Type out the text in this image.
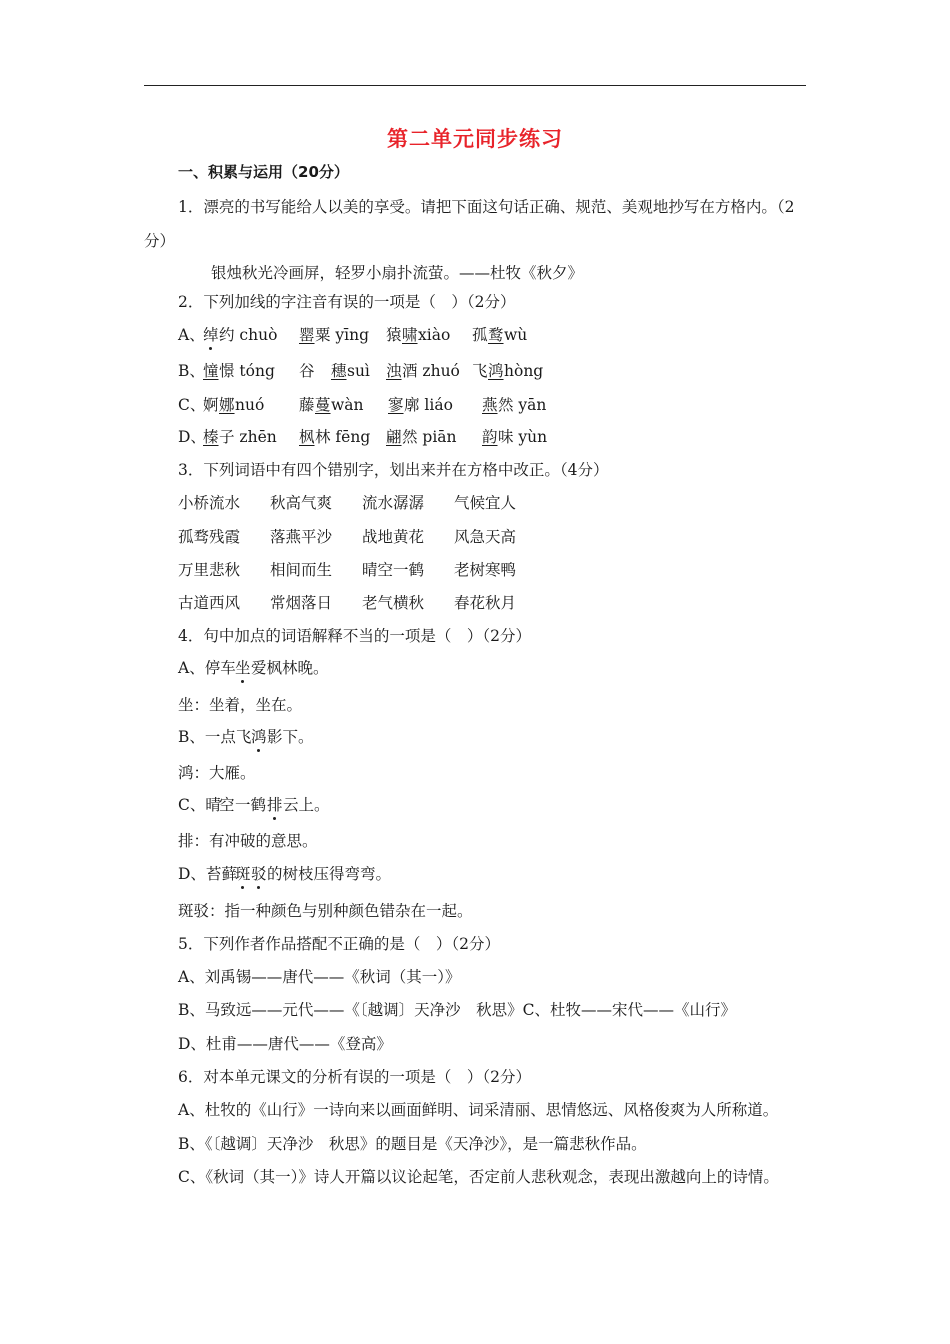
第二单元同步练习
一、积累与运用（20分）
1．漂亮的书写能给人以美的享受。请把下面这句话正确、规范、美观地抄写在方格内。（2
分）
银烛秋光冷画屏，轻罗小扇扑流萤。——杜牧《秋夕》
2．下列加线的字注音有误的一项是（　）（2分）
A、
绰 约 chuò 罂 粟 yīng 猿 啸 xiào 孤 鹜 wù
B、
憧 憬 tóng 谷 穗 suì 浊 酒 zhuó 飞 鸿 hòng
C、
婀 娜 nuó 藤 蔓 wàn 寥 廓 liáo 燕 然 yān
D、
榛 子 zhēn 枫 林 fēng 翩 然 piān 韵 味 yùn
3．下列词语中有四个错别字，划出来并在方格中改正。（4分）
小桥流水 秋高气爽 流水潺潺 气候宜人
孤骛残霞 落燕平沙 战地黄花 风急天高
万里悲秋 相间而生 晴空一鹤 老树寒鸭
古道西风 常烟落日 老气横秋 春花秋月
4．句中加点的词语解释不当的一项是（　）（2分）
A、停车 坐 爱枫林晚。
坐：坐着，坐在。
B、一点飞 鸿 影下。
鸿：大雁。
C、晴
空 一鹤 排 云上。
排：有冲破的意思。
D、苔藓
斑 驳 的树枝压得弯弯。
斑驳：指一种颜色与别种颜色错杂在一起。
5．下列作者作品搭配不正确的是（　）（2分）
A、刘禹锡——唐代——《秋词（其一）》
B、马致远——元代——《〔越调〕天净沙　秋思》C、杜牧——宋代——《山行》
D、杜甫——唐代——《登高》
6．对本单元课文的分析有误的一项是（　）（2分）
A、杜牧的《山行》一诗向来以画面鲜明、词采清丽、思情悠远、风格俊爽为人所称道。
B、《〔越调〕天净沙　秋思》的题目是《天净沙》，是一篇悲秋作品。
C、《秋词（其一）》诗人开篇以议论起笔，否定前人悲秋观念，表现出激越向上的诗情。
